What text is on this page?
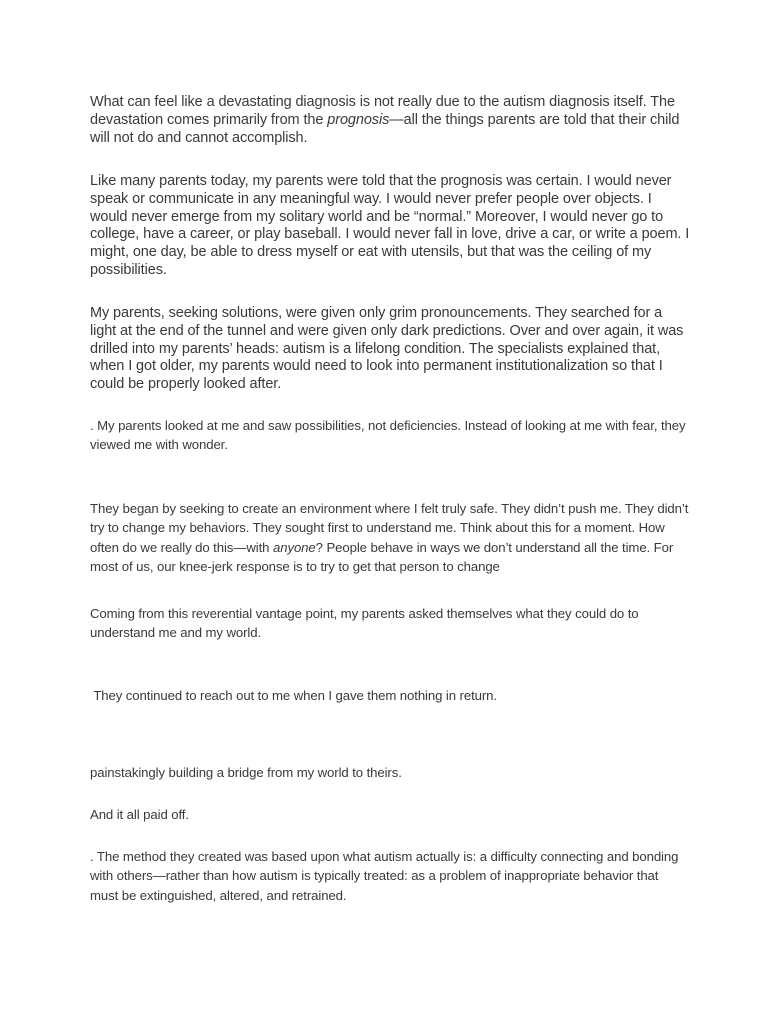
What can feel like a devastating diagnosis is not really due to the autism diagnosis itself. The devastation comes primarily from the prognosis—all the things parents are told that their child will not do and cannot accomplish.

Like many parents today, my parents were told that the prognosis was certain. I would never speak or communicate in any meaningful way. I would never prefer people over objects. I would never emerge from my solitary world and be “normal.” Moreover, I would never go to college, have a career, or play baseball. I would never fall in love, drive a car, or write a poem. I might, one day, be able to dress myself or eat with utensils, but that was the ceiling of my possibilities.

My parents, seeking solutions, were given only grim pronouncements. They searched for a light at the end of the tunnel and were given only dark predictions. Over and over again, it was drilled into my parents’ heads: autism is a lifelong condition. The specialists explained that, when I got older, my parents would need to look into permanent institutionalization so that I could be properly looked after.

. My parents looked at me and saw possibilities, not deficiencies. Instead of looking at me with fear, they viewed me with wonder.

They began by seeking to create an environment where I felt truly safe. They didn’t push me. They didn’t try to change my behaviors. They sought first to understand me. Think about this for a moment. How often do we really do this—with anyone? People behave in ways we don’t understand all the time. For most of us, our knee-jerk response is to try to get that person to change

Coming from this reverential vantage point, my parents asked themselves what they could do to understand me and my world.

They continued to reach out to me when I gave them nothing in return.

painstakingly building a bridge from my world to theirs.

And it all paid off.

. The method they created was based upon what autism actually is: a difficulty connecting and bonding with others—rather than how autism is typically treated: as a problem of inappropriate behavior that must be extinguished, altered, and retrained.
